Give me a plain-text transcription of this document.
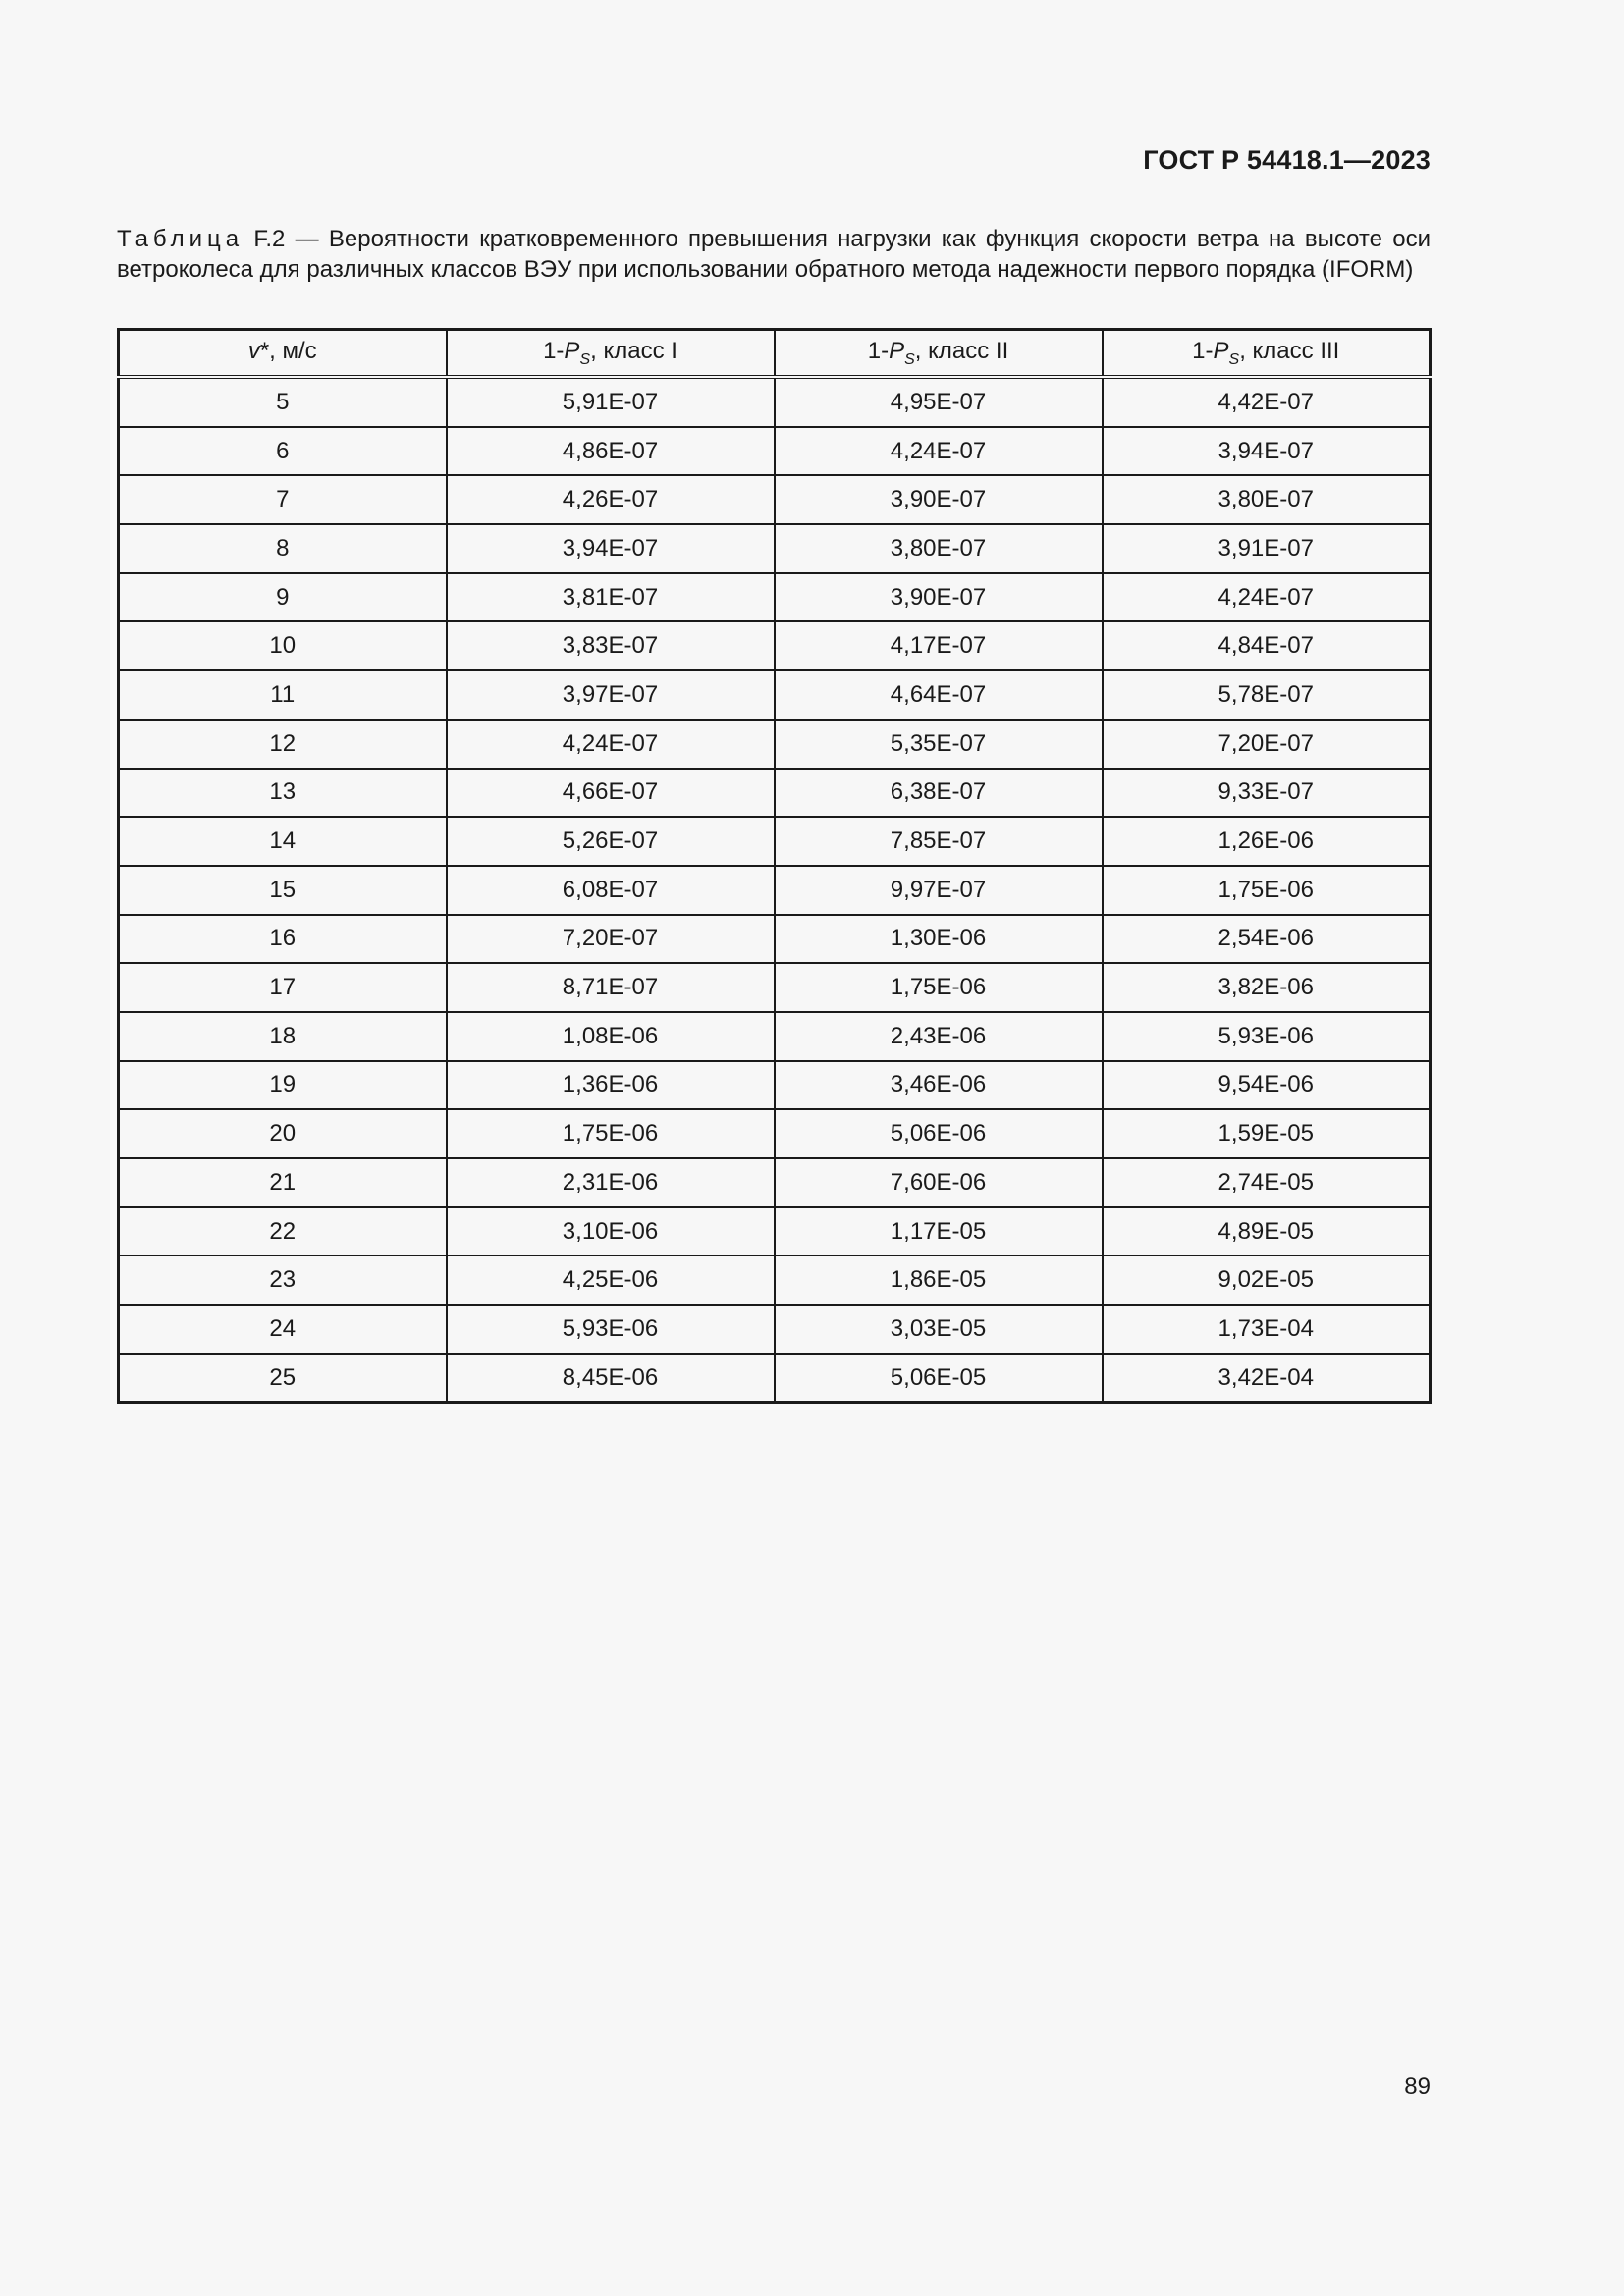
ГОСТ Р 54418.1—2023
Таблица F.2 — Вероятности кратковременного превышения нагрузки как функция скорости ветра на высоте оси ветроколеса для различных классов ВЭУ при использовании обратного метода надежности первого порядка (IFORM)
v*, м/с	$1-P_S$, класс I	$1-P_S$, класс II	$1-P_S$, класс III
5	5,91E-07	4,95E-07	4,42E-07
6	4,86E-07	4,24E-07	3,94E-07
7	4,26E-07	3,90E-07	3,80E-07
8	3,94E-07	3,80E-07	3,91E-07
9	3,81E-07	3,90E-07	4,24E-07
10	3,83E-07	4,17E-07	4,84E-07
11	3,97E-07	4,64E-07	5,78E-07
12	4,24E-07	5,35E-07	7,20E-07
13	4,66E-07	6,38E-07	9,33E-07
14	5,26E-07	7,85E-07	1,26E-06
15	6,08E-07	9,97E-07	1,75E-06
16	7,20E-07	1,30E-06	2,54E-06
17	8,71E-07	1,75E-06	3,82E-06
18	1,08E-06	2,43E-06	5,93E-06
19	1,36E-06	3,46E-06	9,54E-06
20	1,75E-06	5,06E-06	1,59E-05
21	2,31E-06	7,60E-06	2,74E-05
22	3,10E-06	1,17E-05	4,89E-05
23	4,25E-06	1,86E-05	9,02E-05
24	5,93E-06	3,03E-05	1,73E-04
25	8,45E-06	5,06E-05	3,42E-04
89
